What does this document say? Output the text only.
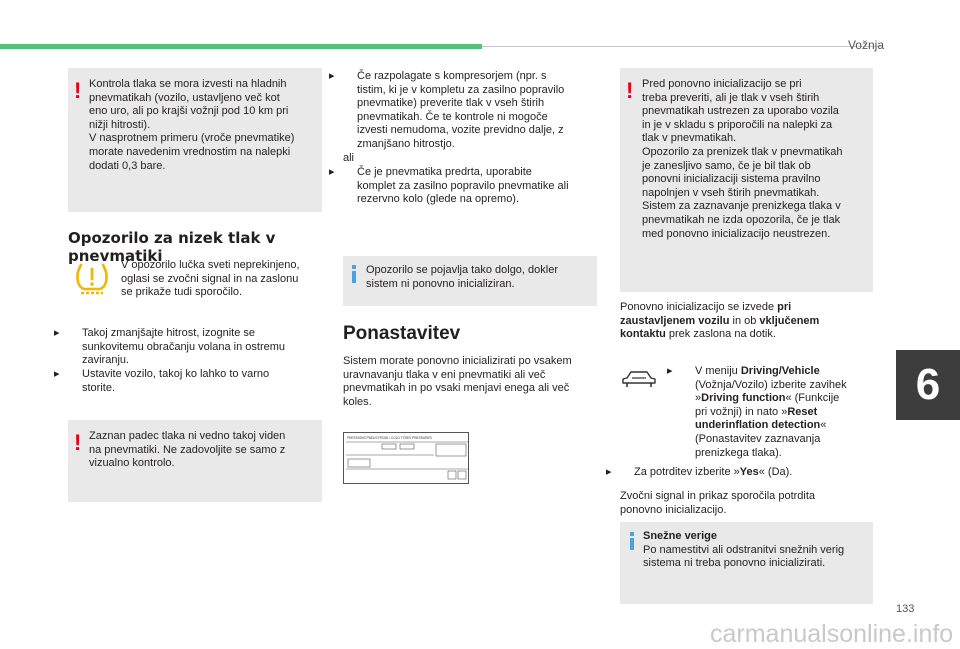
Vožnja
6
133
! Kontrola tlaka se mora izvesti na hladnih
pnevmatikah (vozilo, ustavljeno več kot
eno uro, ali po krajši vožnji pod 10 km pri
nižji hitrosti).
V nasprotnem primeru (vroče pnevmatike)
morate navedenim vrednostim na nalepki
dodati 0,3 bare.
Opozorilo za nizek tlak v pnevmatiki
V opozorilo lučka sveti neprekinjeno,
oglasi se zvočni signal in na zaslonu
se prikaže tudi sporočilo.
▸ Takoj zmanjšajte hitrost, izognite se
sunkovitemu obračanju volana in ostremu
zaviranju.
▸ Ustavite vozilo, takoj ko lahko to varno
storite.
! Zaznan padec tlaka ni vedno takoj viden
na pnevmatiki. Ne zadovoljite se samo z
vizualno kontrolo.
▸ Če razpolagate s kompresorjem (npr. s
tistim, ki je v kompletu za zasilno popravilo
pnevmatike) preverite tlak v vseh štirih
pnevmatikah. Če te kontrole ni mogoče
izvesti nemudoma, vozite previdno dalje, z
zmanjšano hitrostjo.
ali
▸ Če je pnevmatika predrta, uporabite
komplet za zasilno popravilo pnevmatike ali
rezervno kolo (glede na opremo).
Opozorilo se pojavlja tako dolgo, dokler
sistem ni ponovno inicializiran.
Ponastavitev
Sistem morate ponovno inicializirati po vsakem
uravnavanju tlaka v eni pnevmatiki ali več
pnevmatikah in po vsaki menjavi enega ali več
koles.
PRESSIONS PNEUS FROID / COLD TYRES PRESSURES
! Pred ponovno inicializacijo se pri
treba preveriti, ali je tlak v vseh štirih
pnevmatikah ustrezen za uporabo vozila
in je v skladu s priporočili na nalepki za
tlak v pnevmatikah.
Opozorilo za prenizek tlak v pnevmatikah
je zanesljivo samo, če je bil tlak ob
ponovni inicializaciji sistema pravilno
napolnjen v vseh štirih pnevmatikah.
Sistem za zaznavanje prenizkega tlaka v
pnevmatikah ne izda opozorila, če je tlak
med ponovno inicializacijo neustrezen.
Ponovno inicializacijo se izvede pri
zaustavljenem vozilu in ob vključenem
kontaktu prek zaslona na dotik.
▸ V meniju Driving/Vehicle
(Vožnja/Vozilo) izberite zavihek
»Driving function« (Funkcije
pri vožnji) in nato »Reset
underinflation detection«
(Ponastavitev zaznavanja
prenizkega tlaka).
▸ Za potrditev izberite »Yes« (Da).
Zvočni signal in prikaz sporočila potrdita
ponovno inicializacijo.
Snežne verige
Po namestitvi ali odstranitvi snežnih verig
sistema ni treba ponovno inicializirati.
carmanualsonline.info
